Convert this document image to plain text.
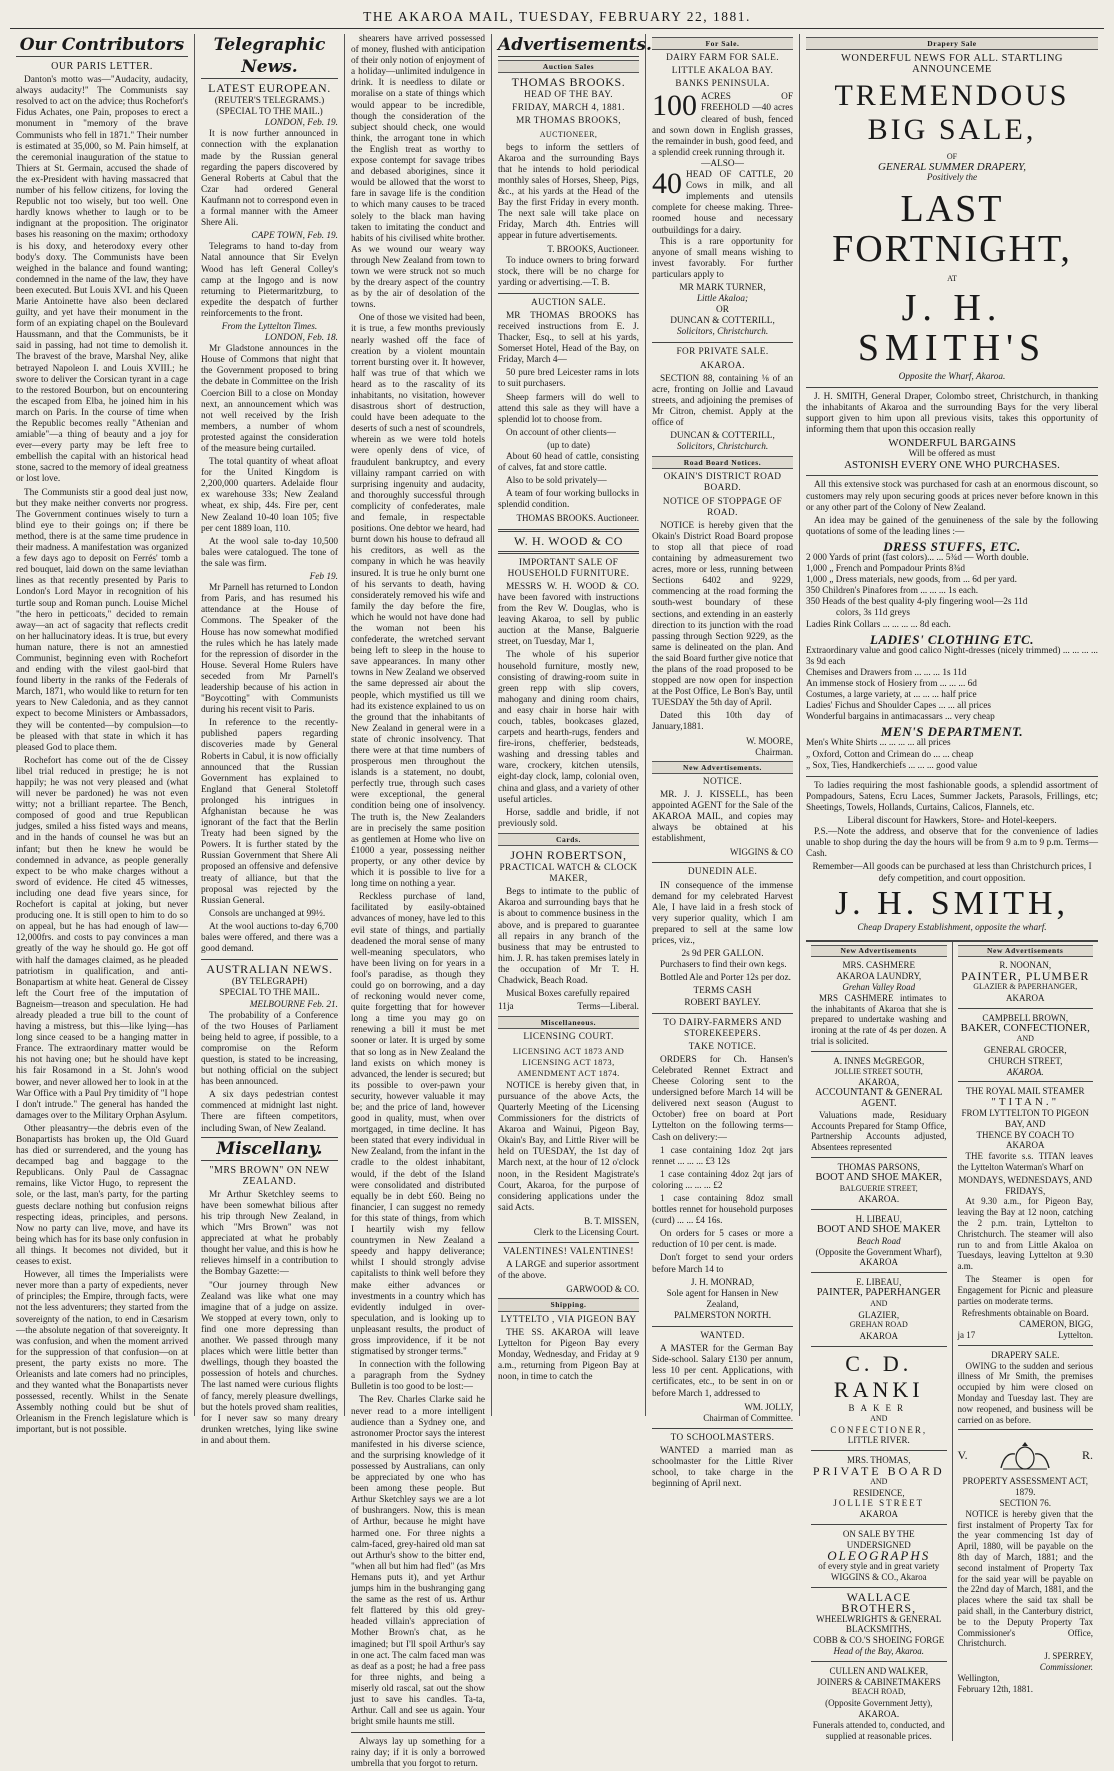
THE AKAROA MAIL, TUESDAY, FEBRUARY 22, 1881.
Our Contributors
OUR PARIS LETTER.

Danton's motto was—"Audacity, audacity, always audacity!" The Communists say resolved to act on the advice; thus Rochefort's Fidus Achates, one Pain, proposes to erect a monument in "memory of the brave Communists who fell in 1871." Their number is estimated at 35,000, so M. Pain himself, at the ceremonial inauguration of the statue to Thiers at St. Germain, accused the shade of the ex-President with having massacred that number of his fellow citizens, for loving the Republic not too wisely, but too well. One hardly knows whether to laugh or to be indignant at the proposition. The originator bases his reasoning on the maxim; orthodoxy is his doxy, and heterodoxy every other body's doxy. The Communists have been weighed in the balance and found wanting; condemned in the name of the law, they have been executed. But Louis XVI. and his Queen Marie Antoinette have also been declared guilty, and yet have their monument in the form of an expiating chapel on the Boulevard Haussmann, and that the Communists, be it said in passing, had not time to demolish it. The bravest of the brave, Marshal Ney, alike betrayed Napoleon I. and Louis XVIII.; he swore to deliver the Corsican tyrant in a cage to the restored Bourbon, but on encountering the escaped from Elba, he joined him in his march on Paris. In the course of time when the Republic becomes really "Athenian and amiable"—a thing of beauty and a joy for ever—every party may be left free to embellish the capital with an historical head stone, sacred to the memory of ideal greatness or lost love.

The Communists stir a good deal just now, but they make neither converts nor progress. The Government continues wisely to turn a blind eye to their goings on; if there be method, there is at the same time prudence in their madness. A manifestation was organized a few days ago to deposit on Ferrés' tomb a red bouquet, laid down on the same leviathan lines as that recently presented by Paris to London's Lord Mayor in recognition of his turtle soup and Roman punch. Louise Michel "the hero in petticoats," decided to remain away—an act of sagacity that reflects credit on her hallucinatory ideas. It is true, but every human nature, there is not an amnestied Communist, beginning even with Rochefort and ending with the vilest gaol-bird that found liberty in the ranks of the Federals of March, 1871, who would like to return for ten years to New Caledonia, and as they cannot expect to become Ministers or Ambassadors, they will be contented—by compulsion—to be pleased with that state in which it has pleased God to place them.

Rochefort has come out of the de Cissey libel trial reduced in prestige; he is not happily; he was not very pleased and (what will never be pardoned) he was not even witty; not a brilliant repartee. The Bench, composed of good and true Republican judges, smiled a hiss fisted ways and means, and in the hands of counsel he was but an infant; but then he knew he would be condemned in advance, as people generally expect to be who make charges without a sword of evidence. He cited 45 witnesses, including one dead five years since, for Rochefort is capital at joking, but never producing one. It is still open to him to do so on appeal, but he has had enough of law—12,000frs. and costs to pay convinces a man greatly of the way he should go. He got off with half the damages claimed, as he pleaded patriotism in qualification, and anti-Bonapartism at white heat. General de Cissey left the Court free of the imputation of Bagneism—treason and speculation. He had already pleaded a true bill to the count of having a mistress, but this—like lying—has long since ceased to be a hanging matter in France. The extraordinary matter would be his not having one; but he should have kept his fair Rosamond in a St. John's wood bower, and never allowed her to look in at the War Office with a Paul Pry timidity of "I hope I don't intrude." The general has handed the damages over to the Military Orphan Asylum.

Other pleasantry—the debris even of the Bonapartists has broken up, the Old Guard has died or surrendered, and the young has decamped bag and baggage to the Republicans. Only Paul de Cassagnac remains, like Victor Hugo, to represent the sole, or the last, man's party, for the parting guests declare nothing but confusion reigns respecting ideas, principles, and persons. Now no party can live, move, and have its being which has for its base only confusion in all things. It becomes not divided, but it ceases to exist.

However, all times the Imperialists were never more than a party of expedients, never of principles; the Empire, through facts, were not the less adventurers; they started from the sovereignty of the nation, to end in Cæsarism—the absolute negation of that sovereignty. It was confusion, and when the moment arrived for the suppression of that confusion—on at present, the party exists no more. The Orleanists and late comers had no principles, and they wanted what the Bonapartists never possessed, recently. Whilst in the Senate Assembly nothing could but be shut of Orleanism in the French legislature which is important, but is not possible.

Telegraphic News.
LATEST EUROPEAN.
(REUTER'S TELEGRAMS.)
(SPECIAL TO THE MAIL.)
LONDON, Feb. 19.

It is now further announced in connection with the explanation made by the Russian general regarding the papers discovered by General Roberts at Cabul that the Czar had ordered General Kaufmann not to correspond even in a formal manner with the Ameer Shere Ali.

CAPE TOWN, Feb. 19.

Telegrams to hand to-day from Natal announce that Sir Evelyn Wood has left General Colley's camp at the Ingogo and is now returning to Pietermaritzburg, to expedite the despatch of further reinforcements to the front.

From the Lyttelton Times.
LONDON, Feb. 18.

Mr Gladstone announces in the House of Commons that night that the Government proposed to bring the debate in Committee on the Irish Coercion Bill to a close on Monday next, an announcement which was not well received by the Irish members, a number of whom protested against the consideration of the measure being curtailed.

The total quantity of wheat afloat for the United Kingdom is 2,200,000 quarters. Adelaide flour ex warehouse 33s; New Zealand wheat, ex ship, 44s. Fire per, cent New Zealand 10-40 loan 105; five per cent 1889 loan, 110.

At the wool sale to-day 10,500 bales were catalogued. The tone of the sale was firm.

Feb 19.

Mr Parnell has returned to London from Paris, and has resumed his attendance at the House of Commons. The Speaker of the House has now somewhat modified the rules which he has lately made for the repression of disorder in the House. Several Home Rulers have seceded from Mr Parnell's leadership because of his action in "Boycotting" with Communists during his recent visit to Paris.

In reference to the recently-published papers regarding discoveries made by General Roberts in Cabul, it is now officially announced that the Russian Government has explained to England that General Stoletoff prolonged his intrigues in Afghanistan because he was ignorant of the fact that the Berlin Treaty had been signed by the Powers. It is further stated by the Russian Government that Shere Ali proposed an offensive and defensive treaty of alliance, but that the proposal was rejected by the Russian General.

Consols are unchanged at 99½.

At the wool auctions to-day 6,700 bales were offered, and there was a good demand.

AUSTRALIAN NEWS.
(BY TELEGRAPH)
SPECIAL TO THE MAIL.
MELBOURNE Feb. 21.

The probability of a Conference of the two Houses of Parliament being held to agree, if possible, to a compromise on the Reform question, is stated to be increasing, but nothing official on the subject has been announced.

A six days pedestrian contest commenced at midnight last night. There are fifteen competitors, including Swan, of New Zealand.

Miscellany.
"MRS BROWN" ON NEW ZEALAND.

Mr Arthur Sketchley seems to have been somewhat bilious after his trip through New Zealand, in which "Mrs Brown" was not appreciated at what he probably thought her value, and this is how he relieves himself in a contribution to the Bombay Gazette:—

"Our journey through New Zealand was like what one may imagine that of a judge on assize. We stopped at every town, only to find one more depressing than another. We passed through many places which were little better than dwellings, though they boasted the possession of hotels and churches. The last named were curious flights of fancy, merely pleasure dwellings, but the hotels proved sham realities, for I never saw so many dreary drunken wretches, lying like swine in and about them.

shearers have arrived possessed of money, flushed with anticipation of their only notion of enjoyment of a holiday—unlimited indulgence in drink. It is needless to dilate or moralise on a state of things which would appear to be incredible, though the consideration of the subject should check, one would think, the arrogant tone in which the English treat as worthy to expose contempt for savage tribes and debased aborigines, since it would be allowed that the worst to fare in savage life is the condition to which many causes to be traced solely to the black man having taken to imitating the conduct and habits of his civilised white brother. As we wound our weary way through New Zealand from town to town we were struck not so much by the dreary aspect of the country as by the air of desolation of the towns.

One of those we visited had been, it is true, a few months previously nearly washed off the face of creation by a violent mountain torrent bursting over it. It however, half was true of that which we heard as to the rascality of its inhabitants, no visitation, however disastrous short of destruction, could have been adequate to the deserts of such a nest of scoundrels, wherein as we were told hotels were openly dens of vice, of fraudulent bankruptcy, and every villainy rampant carried on with surprising ingenuity and audacity, and thoroughly successful through complicity of confederates, male and female, in respectable positions. One debtor we heard, had burnt down his house to defraud all his creditors, as well as the company in which he was heavily insured. It is true he only burnt one of his servants to death, having considerately removed his wife and family the day before the fire, which he would not have done had the woman not been his confederate, the wretched servant being left to sleep in the house to save appearances. In many other towns in New Zealand we observed the same depressed air about the people, which mystified us till we had its existence explained to us on the ground that the inhabitants of New Zealand in general were in a state of chronic insolvency. That there were at that time numbers of prosperous men throughout the islands is a statement, no doubt, perfectly true, through such cases were exceptional, the general condition being one of insolvency. The truth is, the New Zealanders are in precisely the same position as gentlemen at Home who live on £1000 a year, possessing neither property, or any other device by which it is possible to live for a long time on nothing a year.

Reckless purchase of land, facilitated by easily-obtained advances of money, have led to this evil state of things, and partially deadened the moral sense of many well-meaning speculators, who have been living on for years in a fool's paradise, as though they could go on borrowing, and a day of reckoning would never come, quite forgetting that for however long a time you may go on renewing a bill it must be met sooner or later. It is urged by some that so long as in New Zealand the land exists on which money is advanced, the lender is secured; but its possible to over-pawn your security, however valuable it may be; and the price of land, however good in quality, must, when over mortgaged, in time decline. It has been stated that every individual in New Zealand, from the infant in the cradle to the oldest inhabitant, would, if the debt of the Island were consolidated and distributed equally be in debt £60. Being no financier, I can suggest no remedy for this state of things, from which I heartily wish my fellow countrymen in New Zealand a speedy and happy deliverance; whilst I should strongly advise capitalists to think well before they make either advances or investments in a country which has evidently indulged in over-speculation, and is looking up to unpleasant results, the product of gross improvidence, if it be not stigmatised by stronger terms."

In connection with the following a paragraph from the Sydney Bulletin is too good to be lost:—

The Rev. Charles Clarke said he never read to a more intelligent audience than a Sydney one, and astronomer Proctor says the interest manifested in his diverse science, and the surprising knowledge of it possessed by Australians, can only be appreciated by one who has been among these people. But Arthur Sketchley says we are a lot of bushrangers. Now, this is mean of Arthur, because he might have harmed one. For three nights a calm-faced, grey-haired old man sat out Arthur's show to the bitter end, "when all but him had fled" (as Mrs Hemans puts it), and yet Arthur jumps him in the bushranging gang the same as the rest of us. Arthur felt flattered by this old grey-headed villain's appreciation of Mother Brown's chat, as he imagined; but I'll spoil Arthur's say in one act. The calm faced man was as deaf as a post; he had a free pass for three nights, and being a miserly old rascal, sat out the show just to save his candles. Ta-ta, Arthur. Call and see us again. Your bright smile haunts me still.

Always lay up something for a rainy day; if it is only a borrowed umbrella that you forgot to return.

Advertisements.
Auction Sales
THOMAS BROOKS.
HEAD OF THE BAY.
FRIDAY, MARCH 4, 1881.
MR THOMAS BROOKS,
AUCTIONEER,

begs to inform the settlers of Akaroa and the surrounding Bays that he intends to hold periodical monthly sales of Horses, Sheep, Pigs, &c., at his yards at the Head of the Bay the first Friday in every month. The next sale will take place on Friday, March 4th. Entries will appear in future advertisements.

T. BROOKS, Auctioneer.

To induce owners to bring forward stock, there will be no charge for yarding or advertising.—T. B.

AUCTION SALE.

MR THOMAS BROOKS has received instructions from E. J. Thacker, Esq., to sell at his yards, Somerset Hotel, Head of the Bay, on Friday, March 4—

50 pure bred Leicester rams in lots to suit purchasers.

Sheep farmers will do well to attend this sale as they will have a splendid lot to choose from.

On account of other clients—

(up to date)

About 60 head of cattle, consisting of calves, fat and store cattle.

Also to be sold privately—

A team of four working bullocks in splendid condition.

THOMAS BROOKS. Auctioneer.
W. H. WOOD & CO
IMPORTANT SALE OF HOUSEHOLD FURNITURE.

MESSRS W. H. WOOD & CO. have been favored with instructions from the Rev W. Douglas, who is leaving Akaroa, to sell by public auction at the Manse, Balguerie street, on Tuesday, Mar 1,

The whole of his superior household furniture, mostly new, consisting of drawing-room suite in green repp with slip covers, mahogany and dining room chairs, and easy chair in horse hair with couch, tables, bookcases glazed, carpets and hearth-rugs, fenders and fire-irons, chefferier, bedsteads, washing and dressing tables and ware, crockery, kitchen utensils, eight-day clock, lamp, colonial oven, china and glass, and a variety of other useful articles.

Horse, saddle and bridle, if not previously sold.

Cards.
JOHN ROBERTSON,
PRACTICAL WATCH & CLOCK MAKER,

Begs to intimate to the public of Akaroa and surrounding bays that he is about to commence business in the above, and is prepared to guarantee all repairs in any branch of the business that may be entrusted to him. J. R. has taken premises lately in the occupation of Mr T. H. Chadwick, Beach Road.

Musical Boxes carefully repaired

11ja	Terms—Liberal.
Miscellaneous.
LICENSING COURT.
LICENSING ACT 1873 AND LICENSING ACT 1873, AMENDMENT ACT 1874.

NOTICE is hereby given that, in pursuance of the above Acts, the Quarterly Meeting of the Licensing Commissioners for the districts of Akaroa and Wainui, Pigeon Bay, Okain's Bay, and Little River will be held on TUESDAY, the 1st day of March next, at the hour of 12 o'clock noon, in the Resident Magistrate's Court, Akaroa, for the purpose of considering applications under the said Acts.

B. T. MISSEN,
Clerk to the Licensing Court.
VALENTINES! VALENTINES!

A LARGE and superior assortment of the above.

GARWOOD & CO.
Shipping.
LYTTELTO , VIA PIGEON BAY

THE SS. AKAROA will leave Lyttelton for Pigeon Bay every Monday, Wednesday, and Friday at 9 a.m., returning from Pigeon Bay at noon, in time to catch the

For Sale.
DAIRY FARM FOR SALE.
LITTLE AKALOA BAY.
BANKS PENINSULA.
100 ACRES OF FREEHOLD —40 acres cleared of bush, fenced and sown down in English grasses, the remainder in bush, good feed, and a splendid creek running through it.
—ALSO—
40 HEAD OF CATTLE, 20 Cows in milk, and all implements and utensils complete for cheese making. Three-roomed house and necessary outbuildings for a dairy.

This is a rare opportunity for anyone of small means wishing to invest favorably. For further particulars apply to

MR MARK TURNER,
Little Akaloa;
OR
DUNCAN & COTTERILL,
Solicitors, Christchurch.
FOR PRIVATE SALE.
AKAROA.

SECTION 88, containing ⅛ of an acre, fronting on Jollie and Lavaud streets, and adjoining the premises of Mr Citron, chemist. Apply at the office of

DUNCAN & COTTERILL,
Solicitors, Christchurch.
Road Board Notices.
OKAIN'S DISTRICT ROAD BOARD.
NOTICE OF STOPPAGE OF ROAD.

NOTICE is hereby given that the Okain's District Road Board propose to stop all that piece of road containing by admeasurement two acres, more or less, running between Sections 6402 and 9229, commencing at the road forming the south-west boundary of these sections, and extending in an easterly direction to its junction with the road passing through Section 9229, as the same is delineated on the plan. And the said Board further give notice that the plans of the road proposed to be stopped are now open for inspection at the Post Office, Le Bon's Bay, until TUESDAY the 5th day of April.

Dated this 10th day of January,1881.

W. MOORE,
Chairman.
New Advertisements.
NOTICE.

MR. J. J. KISSELL, has been appointed AGENT for the Sale of the AKAROA MAIL, and copies may always be obtained at his establishment,

WIGGINS & CO
DUNEDIN ALE.

IN consequence of the immense demand for my celebrated Harvest Ale, I have laid in a fresh stock of very superior quality, which I am prepared to sell at the same low prices, viz.,

2s 9d PER GALLON.

Purchasers to find their own kegs.

Bottled Ale and Porter 12s per doz.

TERMS CASH
ROBERT BAYLEY.
TO DAIRY-FARMERS AND STOREKEEPERS.
TAKE NOTICE.

ORDERS for Ch. Hansen's Celebrated Rennet Extract and Cheese Coloring sent to the undersigned before March 14 will be delivered next season (August to October) free on board at Port Lyttelton on the following terms—Cash on delivery:—

1 case containing 1doz 2qt jars rennet ... ... ... £3 12s

1 case containing 4doz 2qt jars of coloring ... ... ... £2

1 case containing 8doz small bottles rennet for household purposes (curd) ... ... £4 16s.

On orders for 5 cases or more a reduction of 10 per cent. is made.

Don't forget to send your orders before March 14 to

J. H. MONRAD,
Sole agent for Hansen in New Zealand,
PALMERSTON NORTH.
WANTED.

A MASTER for the German Bay Side-school. Salary £130 per annum, less 10 per cent. Applications, with certificates, etc., to be sent in on or before March 1, addressed to

WM. JOLLY,
Chairman of Committee.
TO SCHOOLMASTERS.

WANTED a married man as schoolmaster for the Little River school, to take charge in the beginning of April next.

Drapery Sale
WONDERFUL NEWS FOR ALL. STARTLING ANNOUNCEME
TREMENDOUS BIG SALE,
OF
GENERAL SUMMER DRAPERY,
Positively the
LAST FORTNIGHT,
AT
J. H. SMITH'S
Opposite the Wharf, Akaroa.

J. H. SMITH, General Draper, Colombo street, Christchurch, in thanking the inhabitants of Akaroa and the surrounding Bays for the very liberal support given to him upon all previous visits, takes this opportunity of informing them that upon this occasion really

WONDERFUL BARGAINS
Will be offered as must
ASTONISH EVERY ONE WHO PURCHASES.

All this extensive stock was purchased for cash at an enormous discount, so customers may rely upon securing goods at prices never before known in this or any other part of the Colony of New Zealand.

An idea may be gained of the genuineness of the sale by the following quotations of some of the leading lines :—

DRESS STUFFS, ETC.
2 000 Yards of print (fast colors)... ... 5¾d — Worth double.
1,000 „ French and Pompadour Prints 8¾d
1,000 „ Dress materials, new goods, from ... 6d per yard.
350 Children's Pinafores from ... ... ... 1s each.
350 Heads of the best quality 4-ply fingering wool—2s 11d
colors, 3s 11d greys
Ladies Rink Collars ... ... ... ... 8d each.
LADIES' CLOTHING ETC.
Extraordinary value and good calico Night-dresses (nicely trimmed) ... ... ... ... 3s 9d each
Chemises and Drawers from ... ... ... 1s 11d
An immense stock of Hosiery from ... ... ... 6d
Costumes, a large variety, at ... ... ... half price
Ladies' Fichus and Shoulder Capes ... ... all prices
Wonderful bargains in antimacassars ... very cheap
MEN'S DEPARTMENT.
Men's White Shirts ... ... ... ... all prices
„ Oxford, Cotton and Crimean do ... ... cheap
„ Sox, Ties, Handkerchiefs ... ... ... good value

To ladies requiring the most fashionable goods, a splendid assortment of Pompadours, Satens, Ecru Laces, Summer Jackets, Parasols, Frillings, etc; Sheetings, Towels, Hollands, Curtains, Calicos, Flannels, etc.

Liberal discount for Hawkers, Store- and Hotel-keepers.

P.S.—Note the address, and observe that for the convenience of ladies unable to shop during the day the hours will be from 9 a.m to 9 p.m. Terms—Cash.

Remember—All goods can be purchased at less than Christchurch prices, I defy competition, and court opposition.
J. H. SMITH,
Cheap Drapery Establishment, opposite the wharf.
New Advertisements
MRS. CASHMERE
AKAROA LAUNDRY,
Grehan Valley Road

MRS CASHMERE intimates to the inhabitants of Akaroa that she is prepared to undertake washing and ironing at the rate of 4s per dozen. A trial is solicited.

A. INNES McGREGOR,
JOLLIE STREET SOUTH,
AKAROA,
ACCOUNTANT & GENERAL AGENT.

Valuations made, Residuary Accounts Prepared for Stamp Office, Partnership Accounts adjusted, Absentees represented

THOMAS PARSONS,
BOOT AND SHOE MAKER,
BALGUERIE STREET,
AKAROA.
H. LIBEAU,
BOOT AND SHOE MAKER
Beach Road
(Opposite the Government Wharf),
AKAROA
E. LIBEAU,
PAINTER, PAPERHANGER
AND
GLAZIER,
GREHAN ROAD
AKAROA
C. D. RANKI
BAKER
AND
CONFECTIONER,
LITTLE RIVER.
MRS. THOMAS,
PRIVATE BOARD
AND
RESIDENCE,
JOLLIE STREET
AKAROA
ON SALE BY THE UNDERSIGNED
OLEOGRAPHS
of every style and in great variety
WIGGINS & CO., Akaroa
WALLACE BROTHERS,
WHEELWRIGHTS & GENERAL BLACKSMITHS,
COBB & CO.'S SHOEING FORGE
Head of the Bay, Akaroa.
CULLEN AND WALKER,
JOINERS & CABINETMAKERS
BEACH ROAD,
(Opposite Government Jetty),
AKAROA.
Funerals attended to, conducted, and supplied at reasonable prices.
New Advertisements
R. NOONAN,
PAINTER, PLUMBER
GLAZIER & PAPERHANGER,
AKAROA
CAMPBELL BROWN,
BAKER, CONFECTIONER,
AND
GENERAL GROCER,
CHURCH STREET,
AKAROA.
THE ROYAL MAIL STEAMER
"TITAN."
FROM LYTTELTON TO PIGEON BAY, AND
THENCE BY COACH TO AKAROA

THE favorite s.s. TITAN leaves the Lyttelton Waterman's Wharf on

MONDAYS, WEDNESDAYS, AND FRIDAYS,

At 9.30 a.m., for Pigeon Bay, leaving the Bay at 12 noon, catching the 2 p.m. train, Lyttelton to Christchurch. The steamer will also run to and from Little Akaloa on Tuesdays, leaving Lyttelton at 9.30 a.m.

The Steamer is open for Engagement for Picnic and pleasure parties on moderate terms.

Refreshments obtainable on Board.
CAMERON, BIGG,
ja 17	Lyttelton.
DRAPERY SALE.

OWING to the sudden and serious illness of Mr Smith, the premises occupied by him were closed on Monday and Tuesday last. They are now reopened, and business will be carried on as before.

V.	R.
PROPERTY ASSESSMENT ACT, 1879.
SECTION 76.

NOTICE is hereby given that the first instalment of Property Tax for the year commencing 1st day of April, 1880, will be payable on the 8th day of March, 1881; and the second instalment of Property Tax for the said year will be payable on the 22nd day of March, 1881, and the places where the said tax shall be paid shall, in the Canterbury district, be to the Deputy Property Tax Commissioner's Office, Christchurch.

J. SPERREY,
Commissioner.
Wellington,
February 12th, 1881.
